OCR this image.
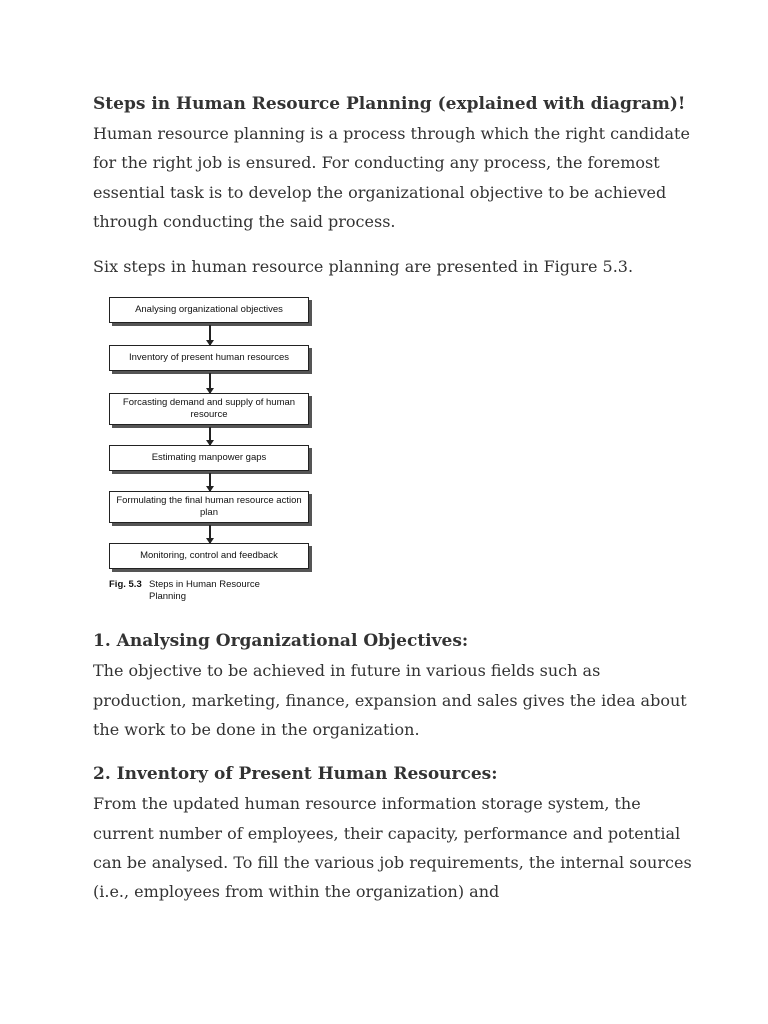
Steps in Human Resource Planning (explained with diagram)!

Human resource planning is a process through which the right candidate for the right job is ensured. For conducting any process, the foremost essential task is to develop the organizational objective to be achieved through conducting the said process.

Six steps in human resource planning are presented in Figure 5.3.

Analysing organizational objectives
Inventory of present human resources
Forcasting demand and supply of human resource
Estimating manpower gaps
Formulating the final human resource action plan
Monitoring, control and feedback
Fig. 5.3 Steps in Human Resource Planning
1. Analysing Organizational Objectives:

The objective to be achieved in future in various fields such as production, marketing, finance, expansion and sales gives the idea about the work to be done in the organization.

2. Inventory of Present Human Resources:

From the updated human resource information storage system, the current number of employees, their capacity, performance and potential can be analysed. To fill the various job requirements, the internal sources (i.e., employees from within the organization) and
